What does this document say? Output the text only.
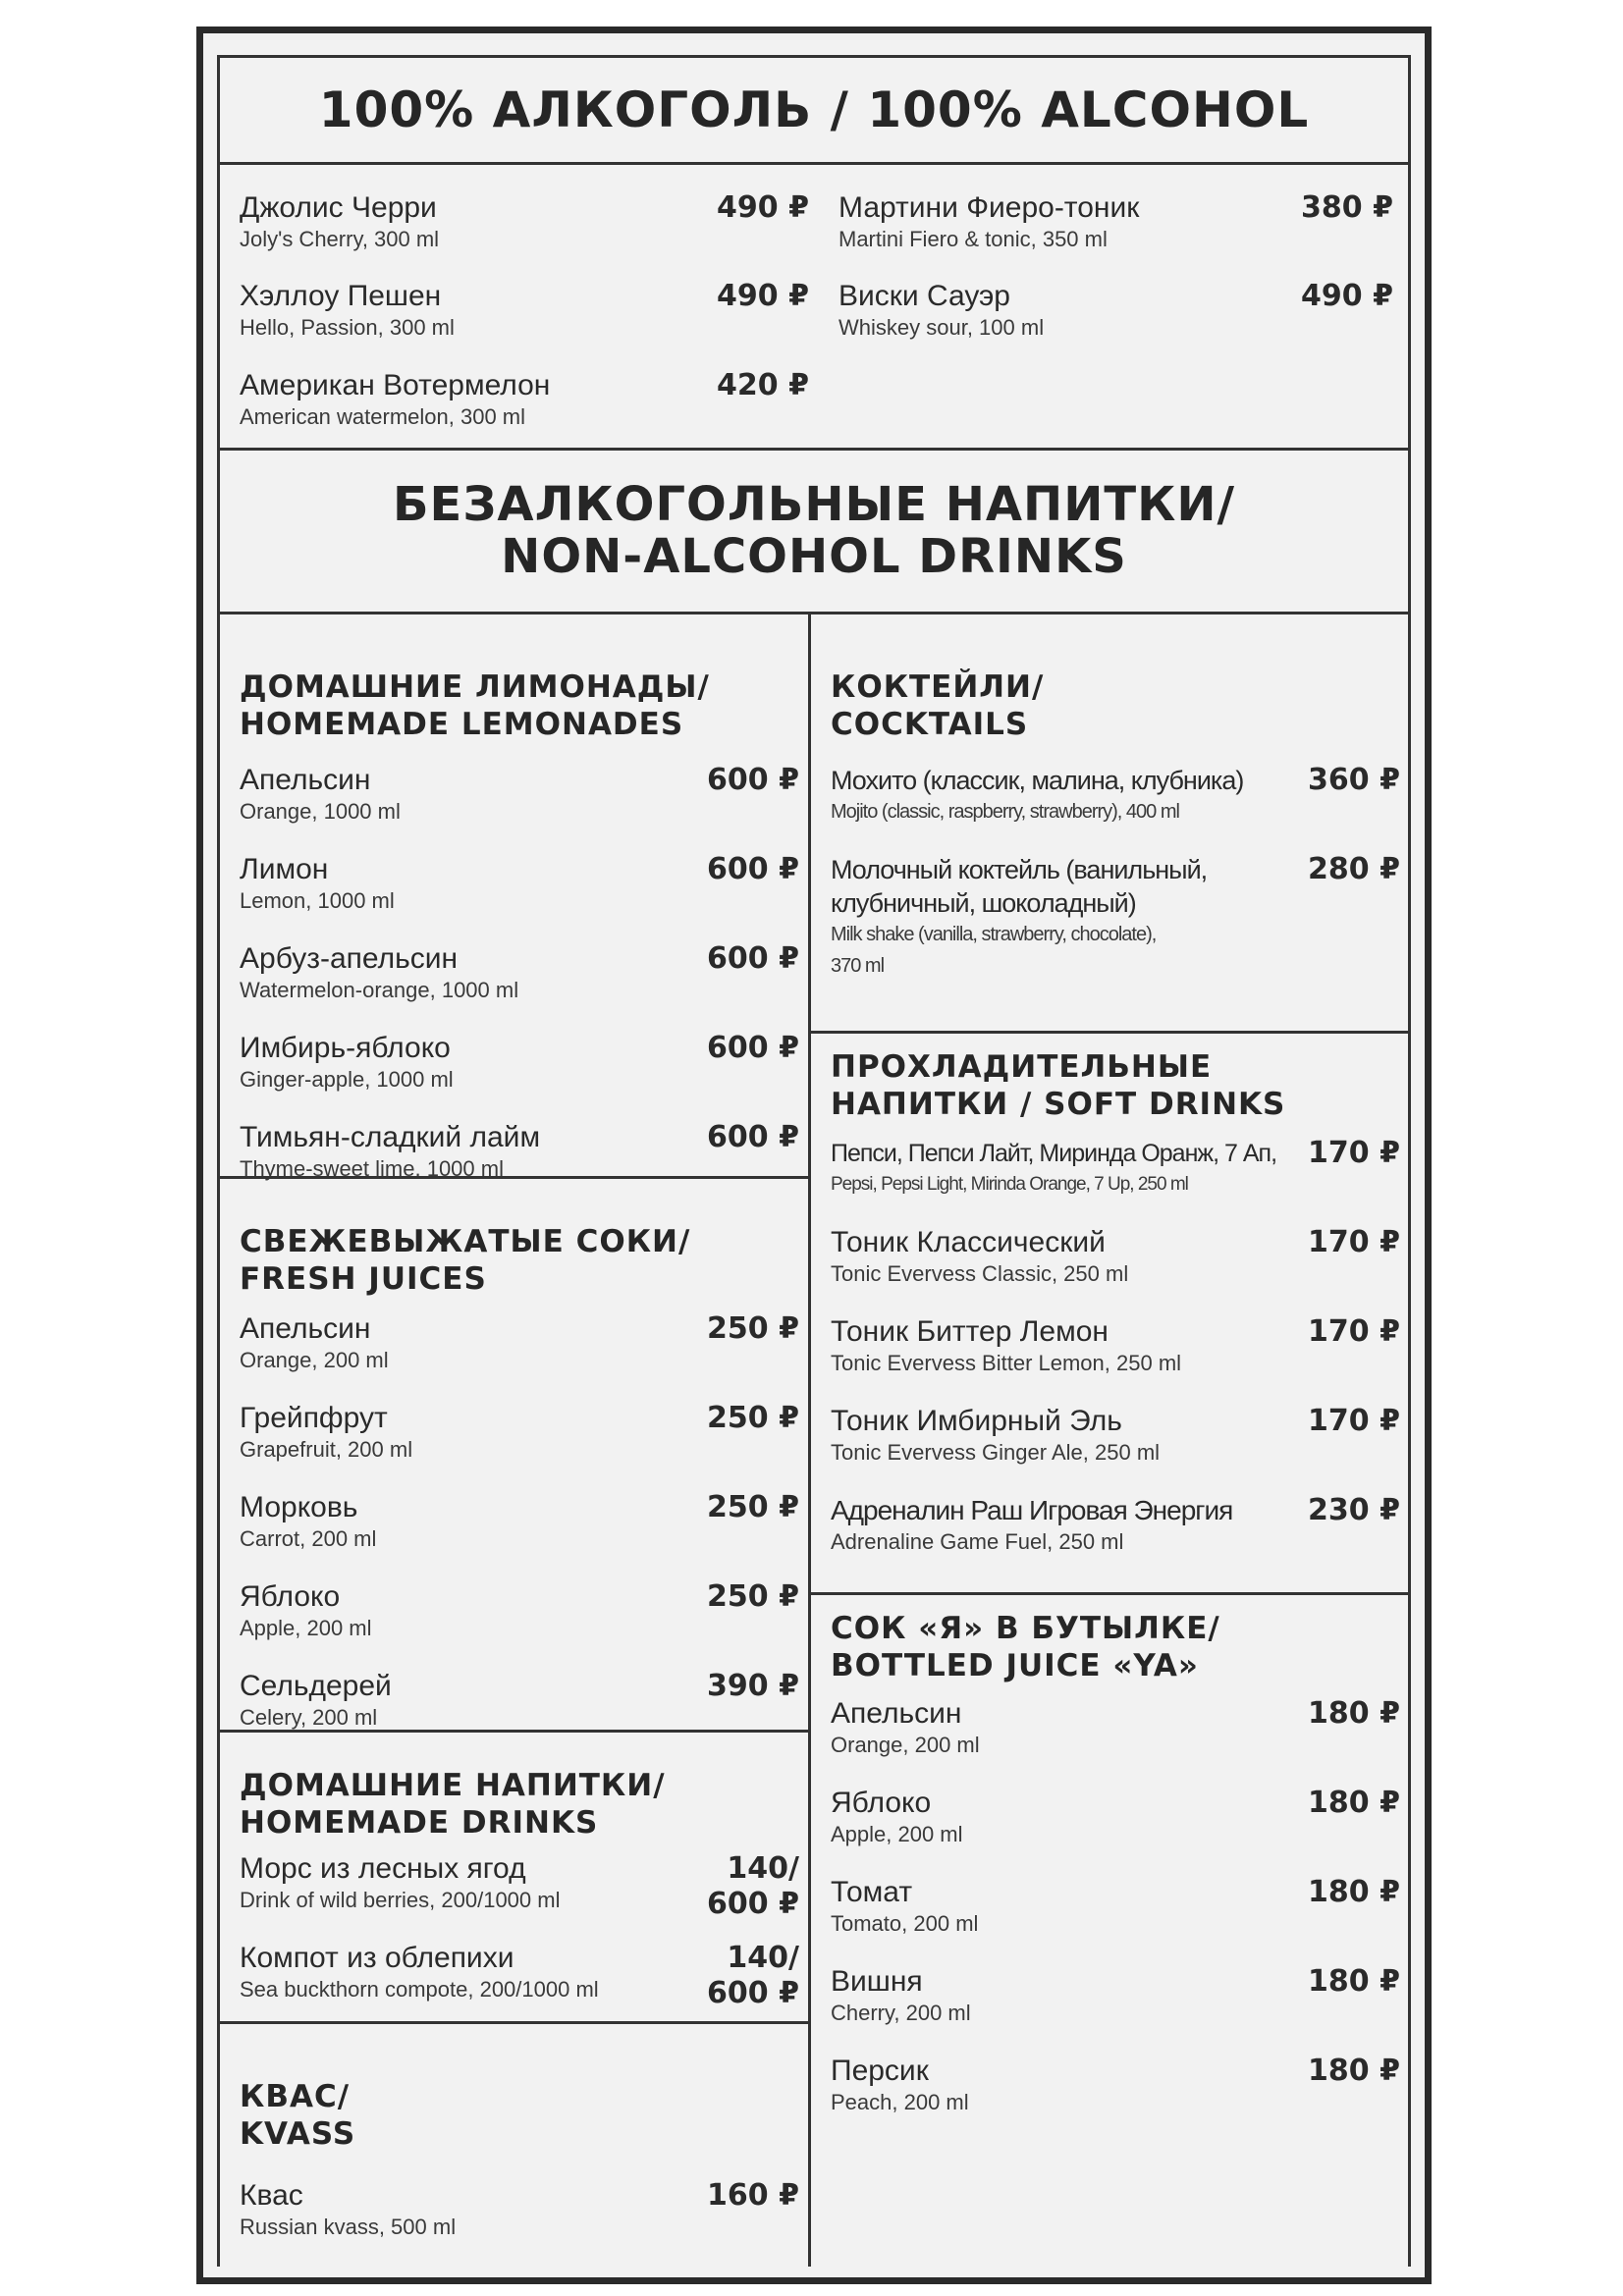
100% АЛКОГОЛЬ / 100% ALCOHOL
Джолис Черри
Joly's Cherry, 300 ml
490 ₽
Хэллоу Пешен
Hello, Passion, 300 ml
490 ₽
Американ Вотермелон
American watermelon, 300 ml
420 ₽
Мартини Фиеро-тоник
Martini Fiero & tonic, 350 ml
380 ₽
Виски Сауэр
Whiskey sour, 100 ml
490 ₽
БЕЗАЛКОГОЛЬНЫЕ НАПИТКИ/
NON-ALCOHOL DRINKS
ДОМАШНИЕ ЛИМОНАДЫ/
HOMEMADE LEMONADES
Апельсин
Orange, 1000 ml
600 ₽
Лимон
Lemon, 1000 ml
600 ₽
Арбуз-апельсин
Watermelon-orange, 1000 ml
600 ₽
Имбирь-яблоко
Ginger-apple, 1000 ml
600 ₽
Тимьян-сладкий лайм
Thyme-sweet lime, 1000 ml
600 ₽
СВЕЖЕВЫЖАТЫЕ СОКИ/
FRESH JUICES
Апельсин
Orange, 200 ml
250 ₽
Грейпфрут
Grapefruit, 200 ml
250 ₽
Морковь
Carrot, 200 ml
250 ₽
Яблоко
Apple, 200 ml
250 ₽
Сельдерей
Celery, 200 ml
390 ₽
ДОМАШНИЕ НАПИТКИ/
HOMEMADE DRINKS
Морс из лесных ягод
Drink of wild berries, 200/1000 ml
140/
600 ₽
Компот из облепихи
Sea buckthorn compote, 200/1000 ml
140/
600 ₽
КВАС/
KVASS
Квас
Russian kvass, 500 ml
160 ₽
КОКТЕЙЛИ/
COCKTAILS
Мохито (классик, малина, клубника)
Mojito (classic, raspberry, strawberry), 400 ml
360 ₽
Молочный коктейль (ванильный,
клубничный, шоколадный)
Milk shake (vanilla, strawberry, chocolate),
370 ml
280 ₽
ПРОХЛАДИТЕЛЬНЫЕ
НАПИТКИ / SOFT DRINKS
Пепси, Пепси Лайт, Миринда Оранж, 7 Ап,
Pepsi, Pepsi Light, Mirinda Orange, 7 Up, 250 ml
170 ₽
Тоник Классический
Tonic Evervess Classic, 250 ml
170 ₽
Тоник Биттер Лемон
Tonic Evervess Bitter Lemon, 250 ml
170 ₽
Тоник Имбирный Эль
Tonic Evervess Ginger Ale, 250 ml
170 ₽
Адреналин Раш Игровая Энергия
Adrenaline Game Fuel, 250 ml
230 ₽
СОК «Я» В БУТЫЛКЕ/
BOTTLED JUICE «YA»
Апельсин
Orange, 200 ml
180 ₽
Яблоко
Apple, 200 ml
180 ₽
Томат
Tomato, 200 ml
180 ₽
Вишня
Cherry, 200 ml
180 ₽
Персик
Peach, 200 ml
180 ₽
